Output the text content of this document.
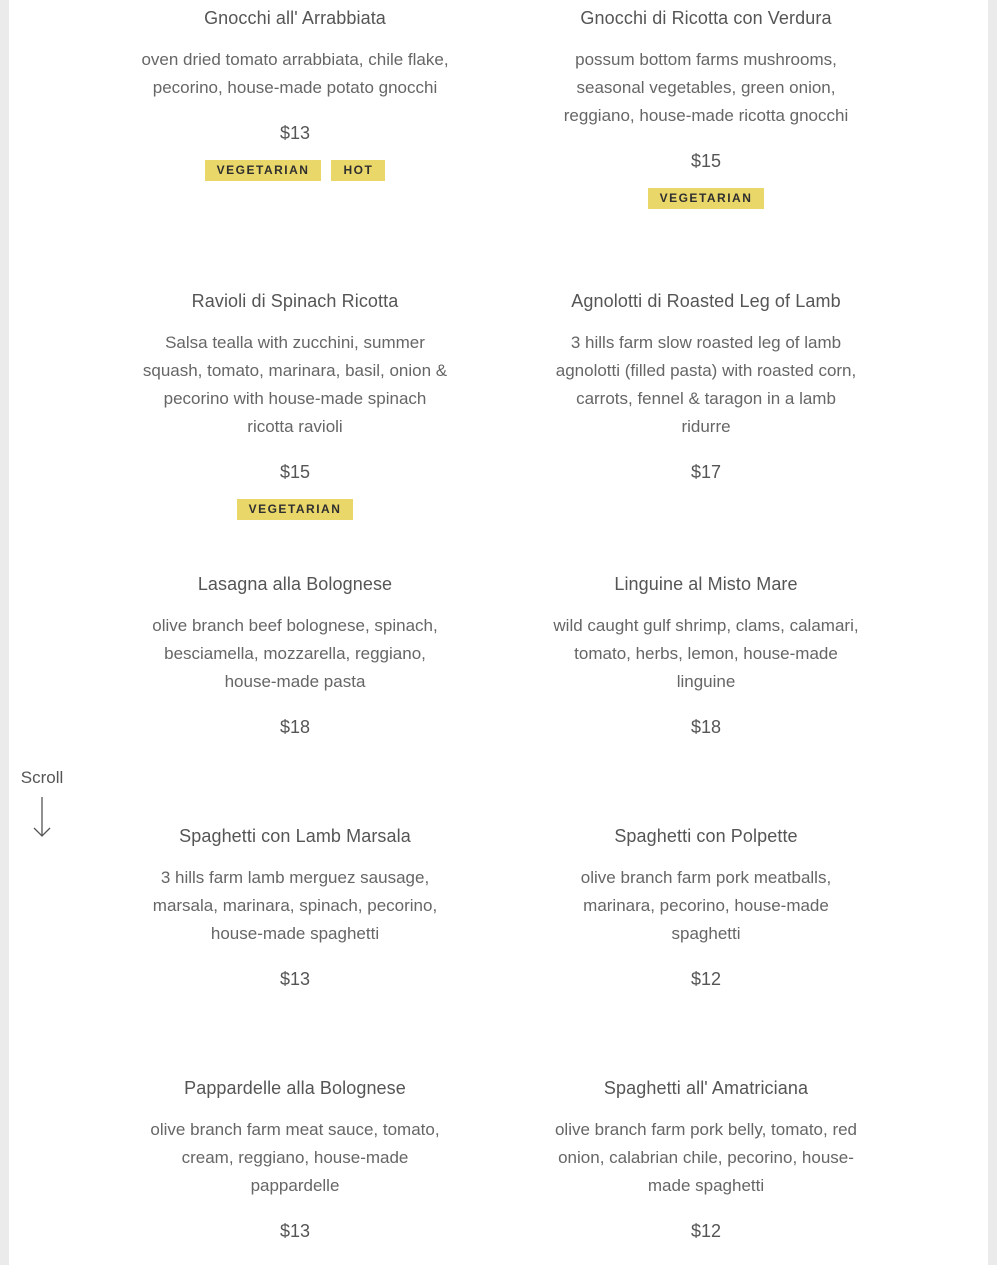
Gnocchi all' Arrabbiata
oven dried tomato arrabbiata, chile flake, pecorino, house-made potato gnocchi
$13
VEGETARIAN	HOT
Gnocchi di Ricotta con Verdura
possum bottom farms mushrooms, seasonal vegetables, green onion, reggiano, house-made ricotta gnocchi
$15
VEGETARIAN
Ravioli di Spinach Ricotta
Salsa tealla with zucchini, summer squash, tomato, marinara, basil, onion & pecorino with house-made spinach ricotta ravioli
$15
VEGETARIAN
Agnolotti di Roasted Leg of Lamb
3 hills farm slow roasted leg of lamb agnolotti (filled pasta) with roasted corn, carrots, fennel & taragon in a lamb ridurre
$17
Lasagna alla Bolognese
olive branch beef bolognese, spinach, besciamella, mozzarella, reggiano, house-made pasta
$18
Linguine al Misto Mare
wild caught gulf shrimp, clams, calamari, tomato, herbs, lemon, house-made linguine
$18
Spaghetti con Lamb Marsala
3 hills farm lamb merguez sausage, marsala, marinara, spinach, pecorino, house-made spaghetti
$13
Spaghetti con Polpette
olive branch farm pork meatballs, marinara, pecorino, house-made spaghetti
$12
Pappardelle alla Bolognese
olive branch farm meat sauce, tomato, cream, reggiano, house-made pappardelle
$13
Spaghetti all' Amatriciana
olive branch farm pork belly, tomato, red onion, calabrian chile, pecorino, house-made spaghetti
$12
Scroll
